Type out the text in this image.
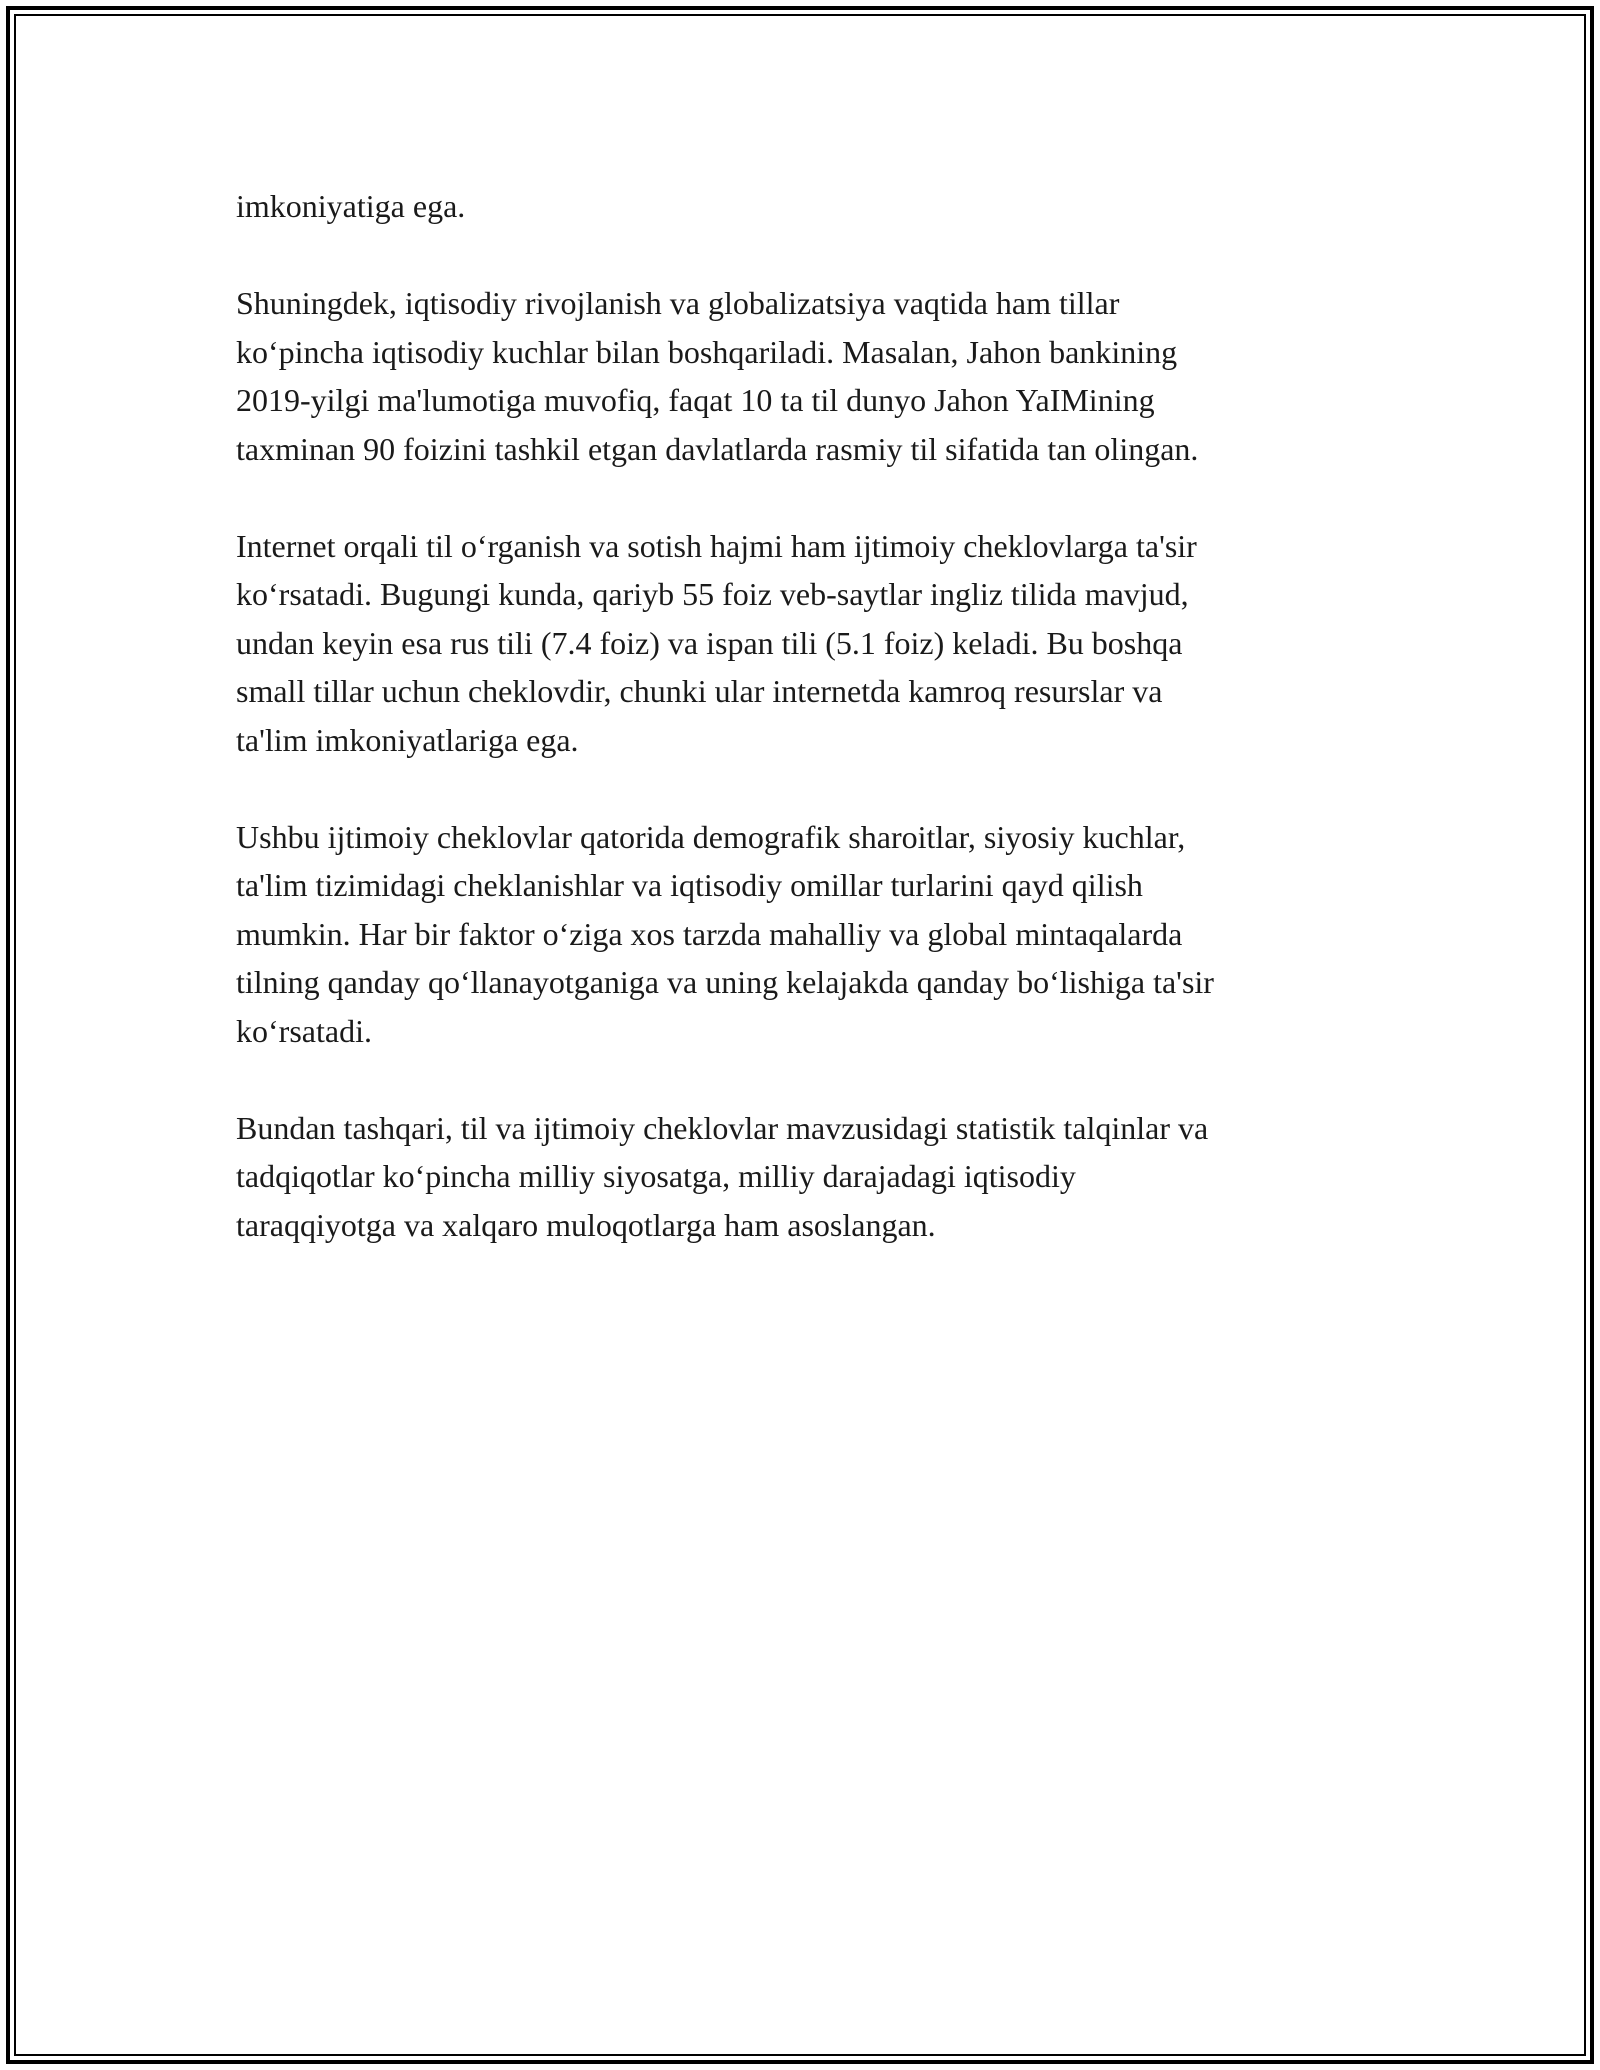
imkoniyatiga ega.

Shuningdek, iqtisodiy rivojlanish va globalizatsiya vaqtida ham tillar
ko‘pincha iqtisodiy kuchlar bilan boshqariladi. Masalan, Jahon bankining
2019-yilgi ma'lumotiga muvofiq, faqat 10 ta til dunyo Jahon YaIMining
taxminan 90 foizini tashkil etgan davlatlarda rasmiy til sifatida tan olingan.

Internet orqali til o‘rganish va sotish hajmi ham ijtimoiy cheklovlarga ta'sir
ko‘rsatadi. Bugungi kunda, qariyb 55 foiz veb-saytlar ingliz tilida mavjud,
undan keyin esa rus tili (7.4 foiz) va ispan tili (5.1 foiz) keladi. Bu boshqa
small tillar uchun cheklovdir, chunki ular internetda kamroq resurslar va
ta'lim imkoniyatlariga ega.

Ushbu ijtimoiy cheklovlar qatorida demografik sharoitlar, siyosiy kuchlar,
ta'lim tizimidagi cheklanishlar va iqtisodiy omillar turlarini qayd qilish
mumkin. Har bir faktor o‘ziga xos tarzda mahalliy va global mintaqalarda
tilning qanday qo‘llanayotganiga va uning kelajakda qanday bo‘lishiga ta'sir
ko‘rsatadi.

Bundan tashqari, til va ijtimoiy cheklovlar mavzusidagi statistik talqinlar va
tadqiqotlar ko‘pincha milliy siyosatga, milliy darajadagi iqtisodiy
taraqqiyotga va xalqaro muloqotlarga ham asoslangan.
